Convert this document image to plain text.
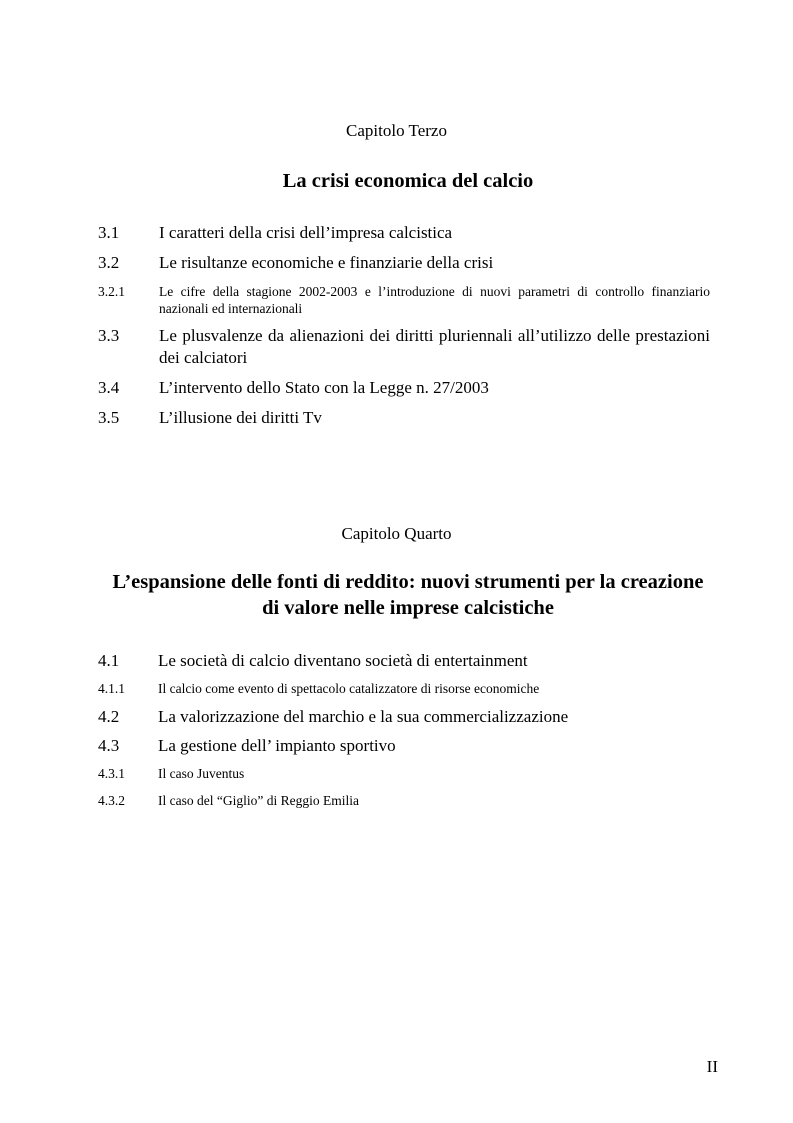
Capitolo Terzo
La crisi economica del calcio
3.1 I caratteri della crisi dell’impresa calcistica
3.2 Le risultanze economiche e finanziarie della crisi
3.2.1	Le cifre della stagione 2002-2003 e l’introduzione di nuovi parametri di controllo finanziario nazionali ed internazionali
3.3 Le plusvalenze da alienazioni dei diritti pluriennali all’utilizzo delle prestazioni dei calciatori
3.4 L’intervento dello Stato con la Legge n. 27/2003
3.5 L’illusione dei diritti Tv
Capitolo Quarto
L’espansione delle fonti di reddito: nuovi strumenti per la creazione
di valore nelle imprese calcistiche
4.1 Le società di calcio diventano società di entertainment
4.1.1 Il calcio come evento di spettacolo catalizzatore di risorse economiche
4.2 La valorizzazione del marchio e la sua commercializzazione
4.3 La gestione dell’ impianto sportivo
4.3.1 Il caso Juventus
4.3.2 Il caso del “Giglio” di Reggio Emilia
II
